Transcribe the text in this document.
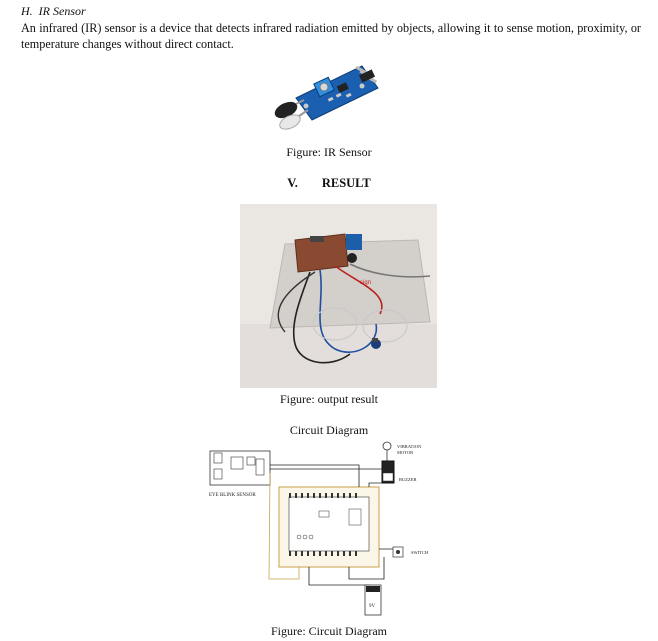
H. IR Sensor
An infrared (IR) sensor is a device that detects infrared radiation emitted by objects, allowing it to sense motion, proximity, or temperature changes without direct contact.
Figure: IR Sensor
V. RESULT
sign
Figure: output result
Circuit Diagram
EYE BLINK SENSOR
VIBRATION
MOTOR
BUZZER
SWITCH
9V
Figure: Circuit Diagram
